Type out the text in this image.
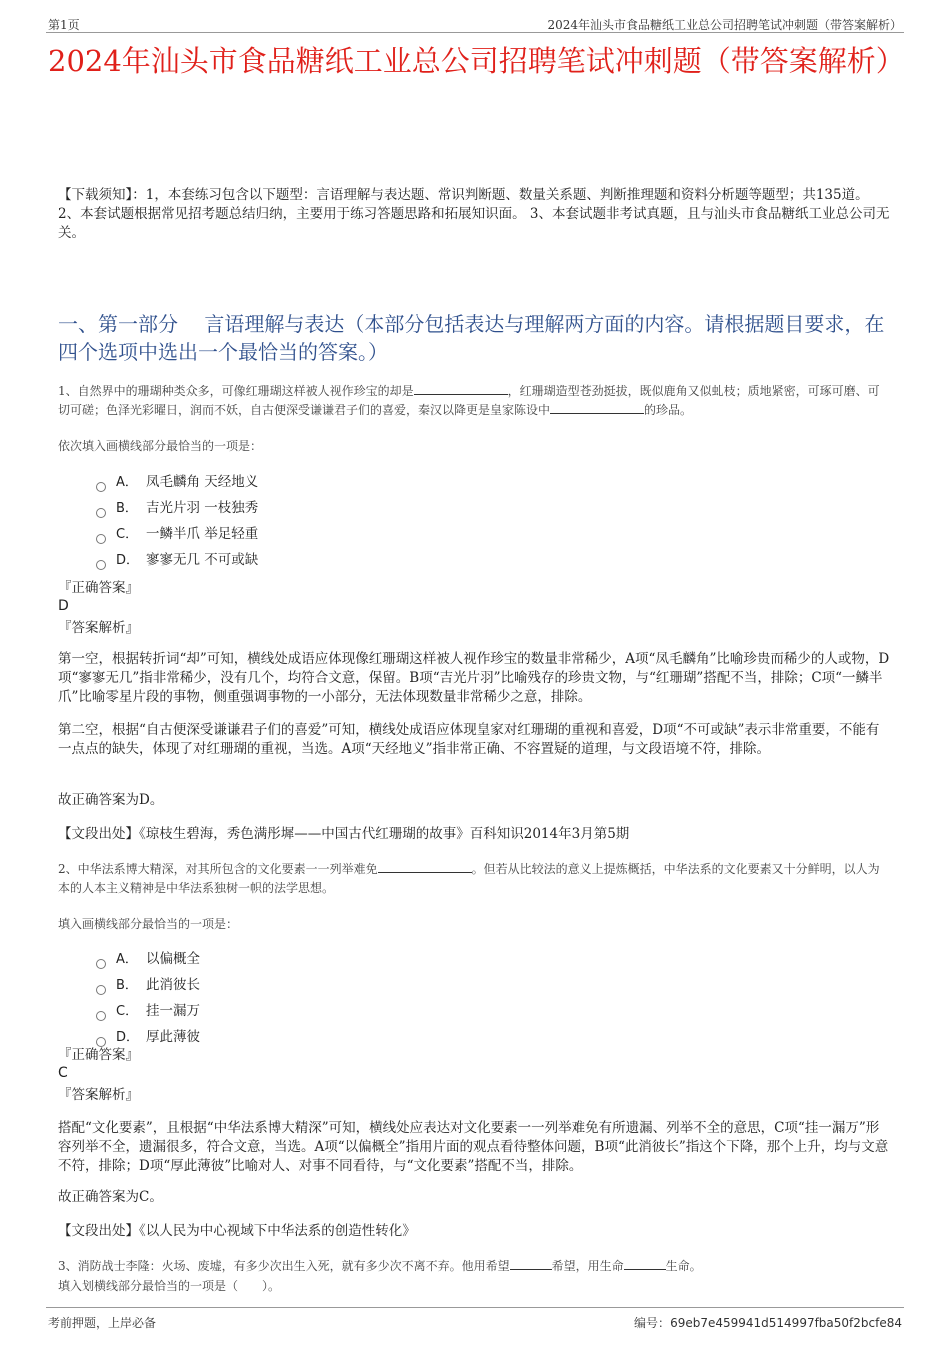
第1页	2024年汕头市食品糖纸工业总公司招聘笔试冲刺题（带答案解析）
2024年汕头市食品糖纸工业总公司招聘笔试冲刺题（带答案解析）
【下载须知】：1，本套练习包含以下题型：言语理解与表达题、常识判断题、数量关系题、判断推理题和资料分析题等题型；共135道。 2、本套试题根据常见招考题总结归纳，主要用于练习答题思路和拓展知识面。 3、本套试题非考试真题，且与汕头市食品糖纸工业总公司无关。
一、第一部分　 言语理解与表达（本部分包括表达与理解两方面的内容。请根据题目要求，在四个选项中选出一个最恰当的答案。）
1、自然界中的珊瑚种类众多，可像红珊瑚这样被人视作珍宝的却是	，红珊瑚造型苍劲挺拔，既似鹿角又似虬枝；质地紧密，可琢可磨、可切可磋；色泽光彩曜日，润而不妖，自古便深受谦谦君子们的喜爱，秦汉以降更是皇家陈设中	的珍品。
依次填入画横线部分最恰当的一项是：
A． 凤毛麟角 天经地义
B． 吉光片羽 一枝独秀
C． 一鳞半爪 举足轻重
D． 寥寥无几 不可或缺
『正确答案』
D
『答案解析』
第一空，根据转折词“却”可知，横线处成语应体现像红珊瑚这样被人视作珍宝的数量非常稀少，A项“凤毛麟角”比喻珍贵而稀少的人或物，D项“寥寥无几”指非常稀少，没有几个，均符合文意，保留。B项“吉光片羽”比喻残存的珍贵文物，与“红珊瑚”搭配不当，排除；C项“一鳞半爪”比喻零星片段的事物，侧重强调事物的一小部分，无法体现数量非常稀少之意，排除。
第二空，根据“自古便深受谦谦君子们的喜爱”可知，横线处成语应体现皇家对红珊瑚的重视和喜爱，D项“不可或缺”表示非常重要，不能有一点点的缺失，体现了对红珊瑚的重视，当选。A项“天经地义”指非常正确、不容置疑的道理，与文段语境不符，排除。
故正确答案为D。
【文段出处】《琼枝生碧海，秀色满彤墀——中国古代红珊瑚的故事》百科知识2014年3月第5期
2、中华法系博大精深，对其所包含的文化要素一一列举难免	。但若从比较法的意义上提炼概括，中华法系的文化要素又十分鲜明，以人为本的人本主义精神是中华法系独树一帜的法学思想。
填入画横线部分最恰当的一项是：
A． 以偏概全
B． 此消彼长
C． 挂一漏万
D． 厚此薄彼
『正确答案』
C
『答案解析』
搭配“文化要素”，且根据“中华法系博大精深”可知，横线处应表达对文化要素一一列举难免有所遗漏、列举不全的意思，C项“挂一漏万”形容列举不全，遗漏很多，符合文意，当选。A项“以偏概全”指用片面的观点看待整体问题，B项“此消彼长”指这个下降，那个上升，均与文意不符，排除；D项“厚此薄彼”比喻对人、对事不同看待，与“文化要素”搭配不当，排除。
故正确答案为C。
【文段出处】《以人民为中心视域下中华法系的创造性转化》
3、消防战士李隆：火场、废墟，有多少次出生入死，就有多少次不离不弃。他用希望	希望，用生命	生命。
填入划横线部分最恰当的一项是（　　）。
考前押题，上岸必备	编号：69eb7e459941d514997fba50f2bcfe84
